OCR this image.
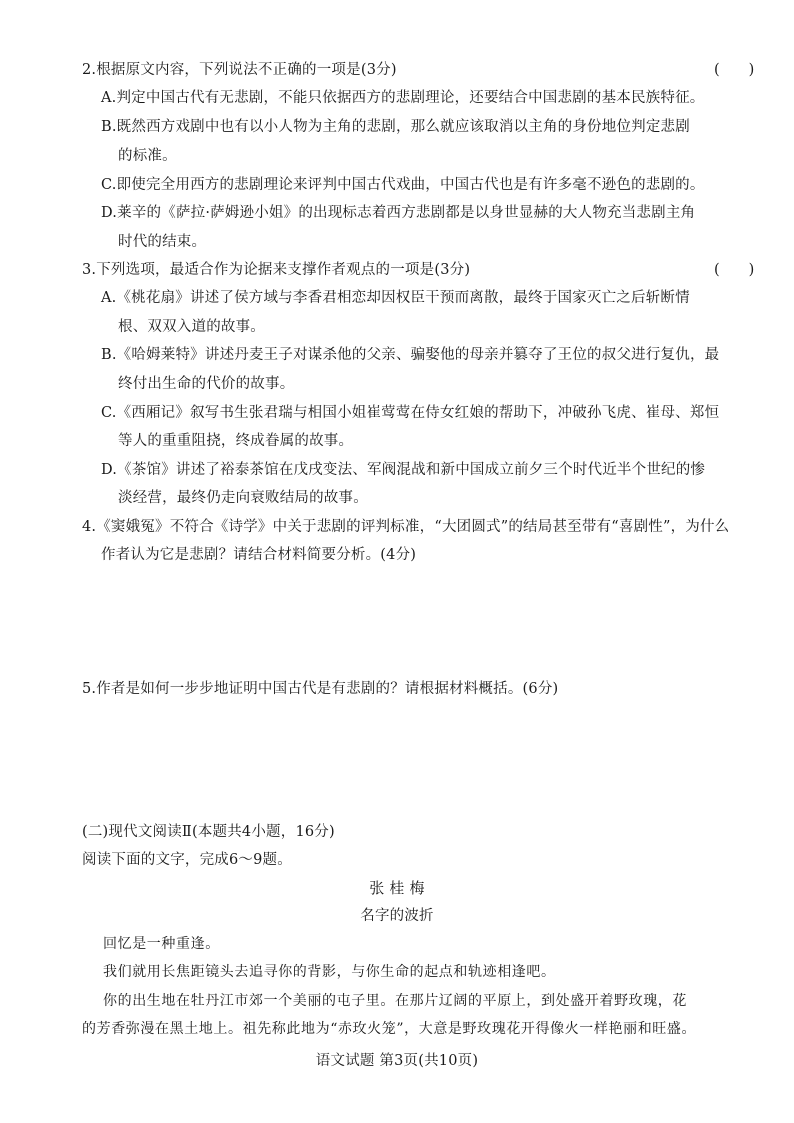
2.根据原文内容，下列说法不正确的一项是(3分)	(　　)
A.判定中国古代有无悲剧，不能只依据西方的悲剧理论，还要结合中国悲剧的基本民族特征。
B.既然西方戏剧中也有以小人物为主角的悲剧，那么就应该取消以主角的身份地位判定悲剧
的标准。
C.即使完全用西方的悲剧理论来评判中国古代戏曲，中国古代也是有许多毫不逊色的悲剧的。
D.莱辛的《萨拉·萨姆逊小姐》的出现标志着西方悲剧都是以身世显赫的大人物充当悲剧主角
时代的结束。
3.下列选项，最适合作为论据来支撑作者观点的一项是(3分)	(　　)
A.《桃花扇》讲述了侯方域与李香君相恋却因权臣干预而离散，最终于国家灭亡之后斩断情
根、双双入道的故事。
B.《哈姆莱特》讲述丹麦王子对谋杀他的父亲、骗娶他的母亲并篡夺了王位的叔父进行复仇，最
终付出生命的代价的故事。
C.《西厢记》叙写书生张君瑞与相国小姐崔莺莺在侍女红娘的帮助下，冲破孙飞虎、崔母、郑恒
等人的重重阻挠，终成眷属的故事。
D.《茶馆》讲述了裕泰茶馆在戊戌变法、军阀混战和新中国成立前夕三个时代近半个世纪的惨
淡经营，最终仍走向衰败结局的故事。
4.《窦娥冤》不符合《诗学》中关于悲剧的评判标准，“大团圆式”的结局甚至带有“喜剧性”，为什么
作者认为它是悲剧？请结合材料简要分析。(4分)
5.作者是如何一步步地证明中国古代是有悲剧的？请根据材料概括。(6分)
(二)现代文阅读Ⅱ(本题共4小题，16分)
阅读下面的文字，完成6～9题。
张 桂 梅
名字的波折
回忆是一种重逢。
我们就用长焦距镜头去追寻你的背影，与你生命的起点和轨迹相逢吧。
你的出生地在牡丹江市郊一个美丽的屯子里。在那片辽阔的平原上，到处盛开着野玫瑰，花
的芳香弥漫在黑土地上。祖先称此地为“赤玫火笼”，大意是野玫瑰花开得像火一样艳丽和旺盛。
语文试题 第3页(共10页)
